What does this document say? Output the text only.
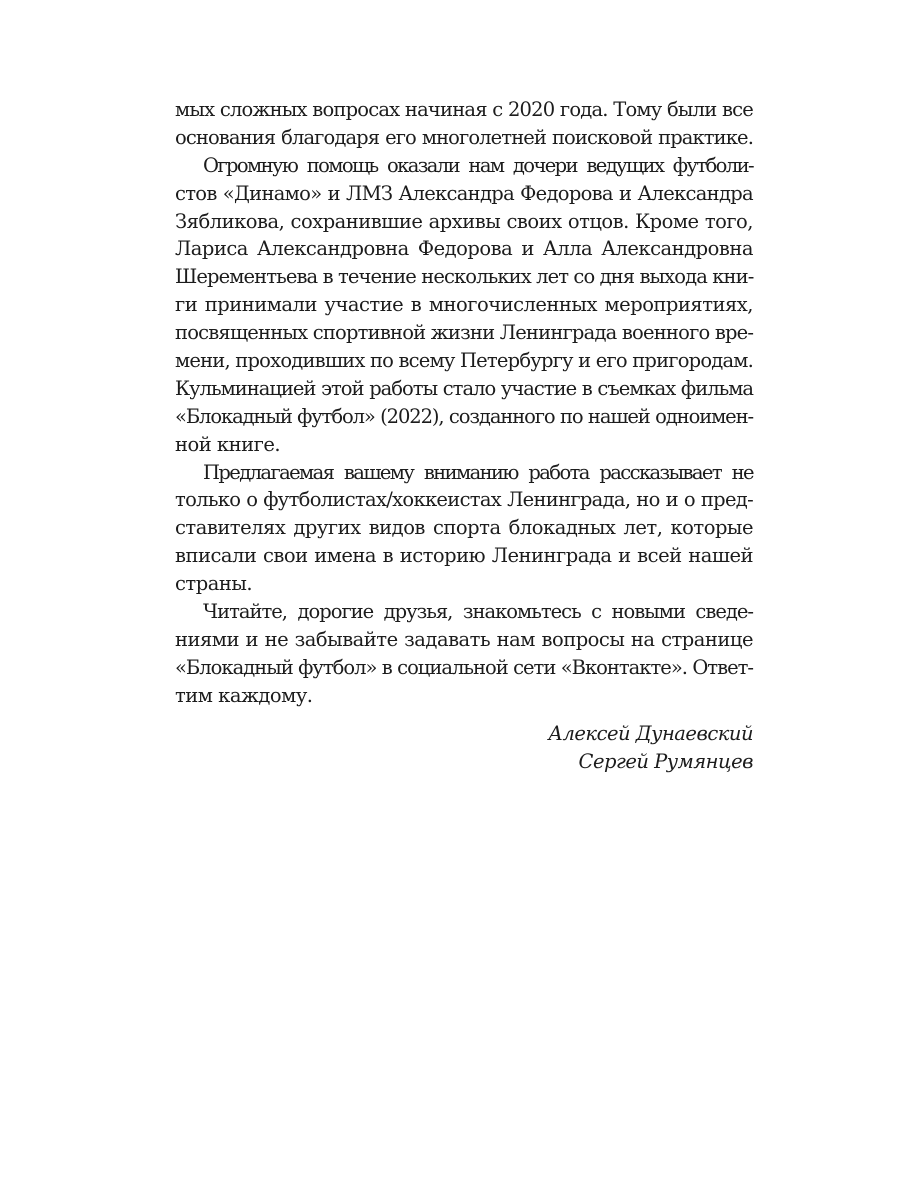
мых сложных вопросах начиная с 2020 года. Тому были все
основания благодаря его многолетней поисковой практике.
Огромную помощь оказали нам дочери ведущих футболи-
стов «Динамо» и ЛМЗ Александра Федорова и Александра
Зябликова, сохранившие архивы своих отцов. Кроме того,
Лариса Александровна Федорова и Алла Александровна
Шерементьева в течение нескольких лет со дня выхода кни-
ги принимали участие в многочисленных мероприятиях,
посвященных спортивной жизни Ленинграда военного вре-
мени, проходивших по всему Петербургу и его пригородам.
Кульминацией этой работы стало участие в съемках фильма
«Блокадный футбол» (2022), созданного по нашей одноимен-
ной книге.
Предлагаемая вашему вниманию работа рассказывает не
только о футболистах/хоккеистах Ленинграда, но и о пред-
ставителях других видов спорта блокадных лет, которые
вписали свои имена в историю Ленинграда и всей нашей
страны.
Читайте, дорогие друзья, знакомьтесь с новыми сведе-
ниями и не забывайте задавать нам вопросы на странице
«Блокадный футбол» в социальной сети «Вконтакте». Ответ-
тим каждому.
Алексей Дунаевский
Сергей Румянцев
